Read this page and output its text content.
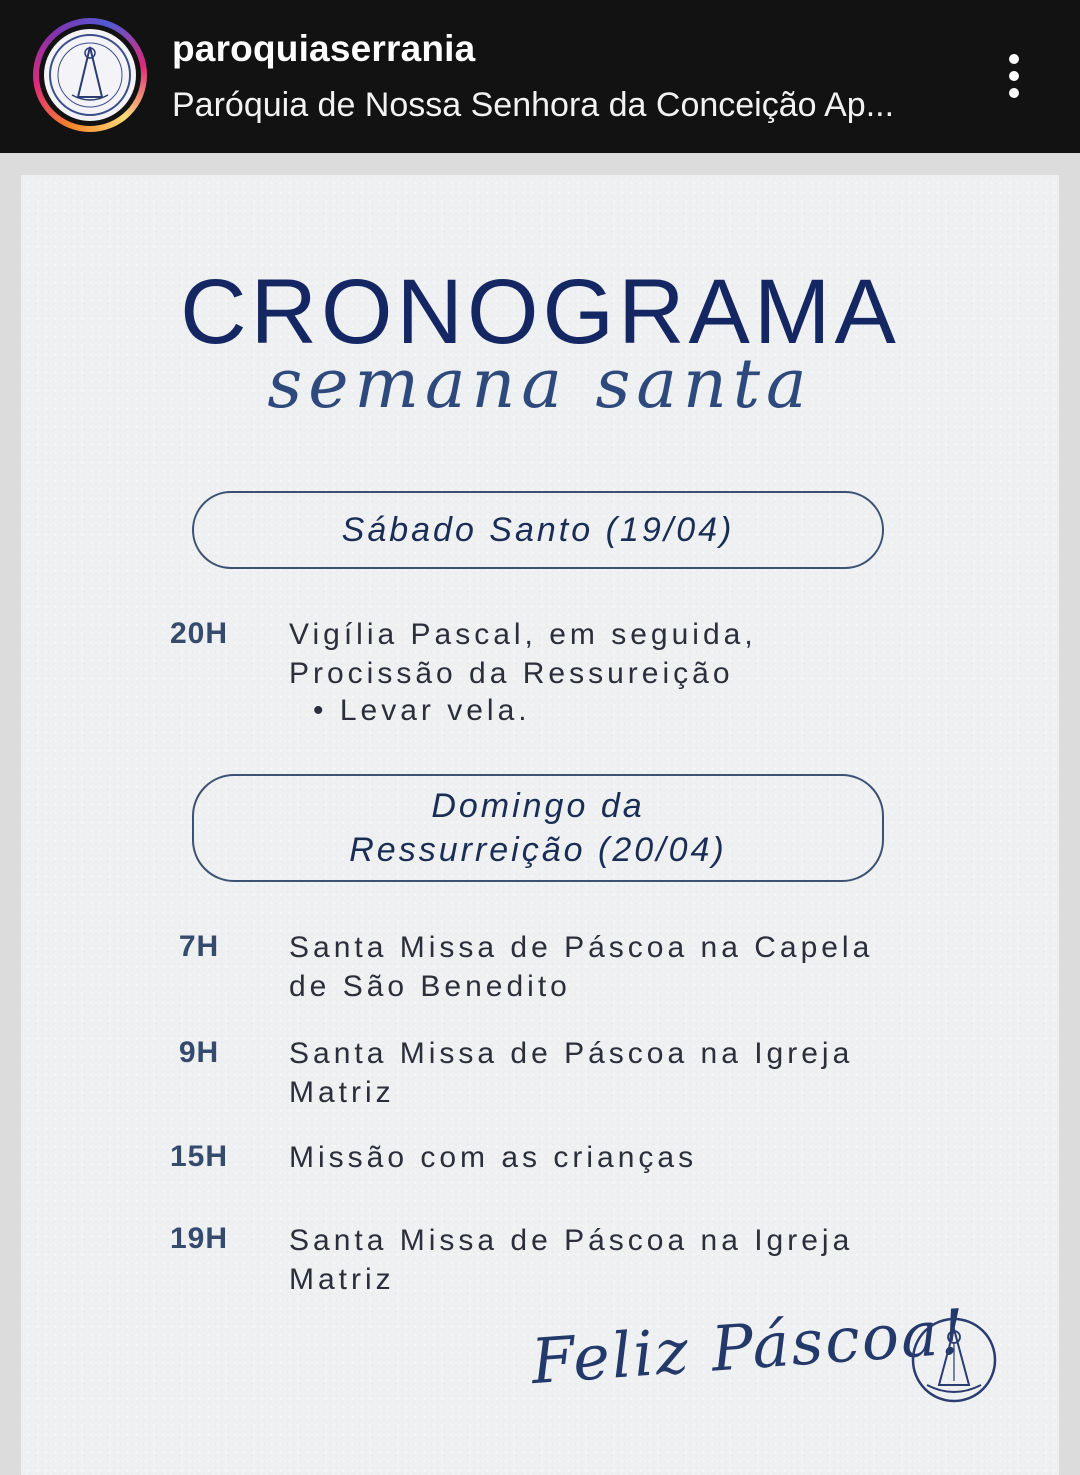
paroquiaserrania
Paróquia de Nossa Senhora da Conceição Ap...
CRONOGRAMA
semana santa
Sábado Santo (19/04)
20H	Vigília Pascal, em seguida,
Procissão da Ressureição
• Levar vela.
Domingo da
Ressurreição (20/04)
7H	Santa Missa de Páscoa na Capela
de São Benedito
9H	Santa Missa de Páscoa na Igreja
Matriz
15H	Missão com as crianças
19H	Santa Missa de Páscoa na Igreja
Matriz
Feliz Páscoa!
